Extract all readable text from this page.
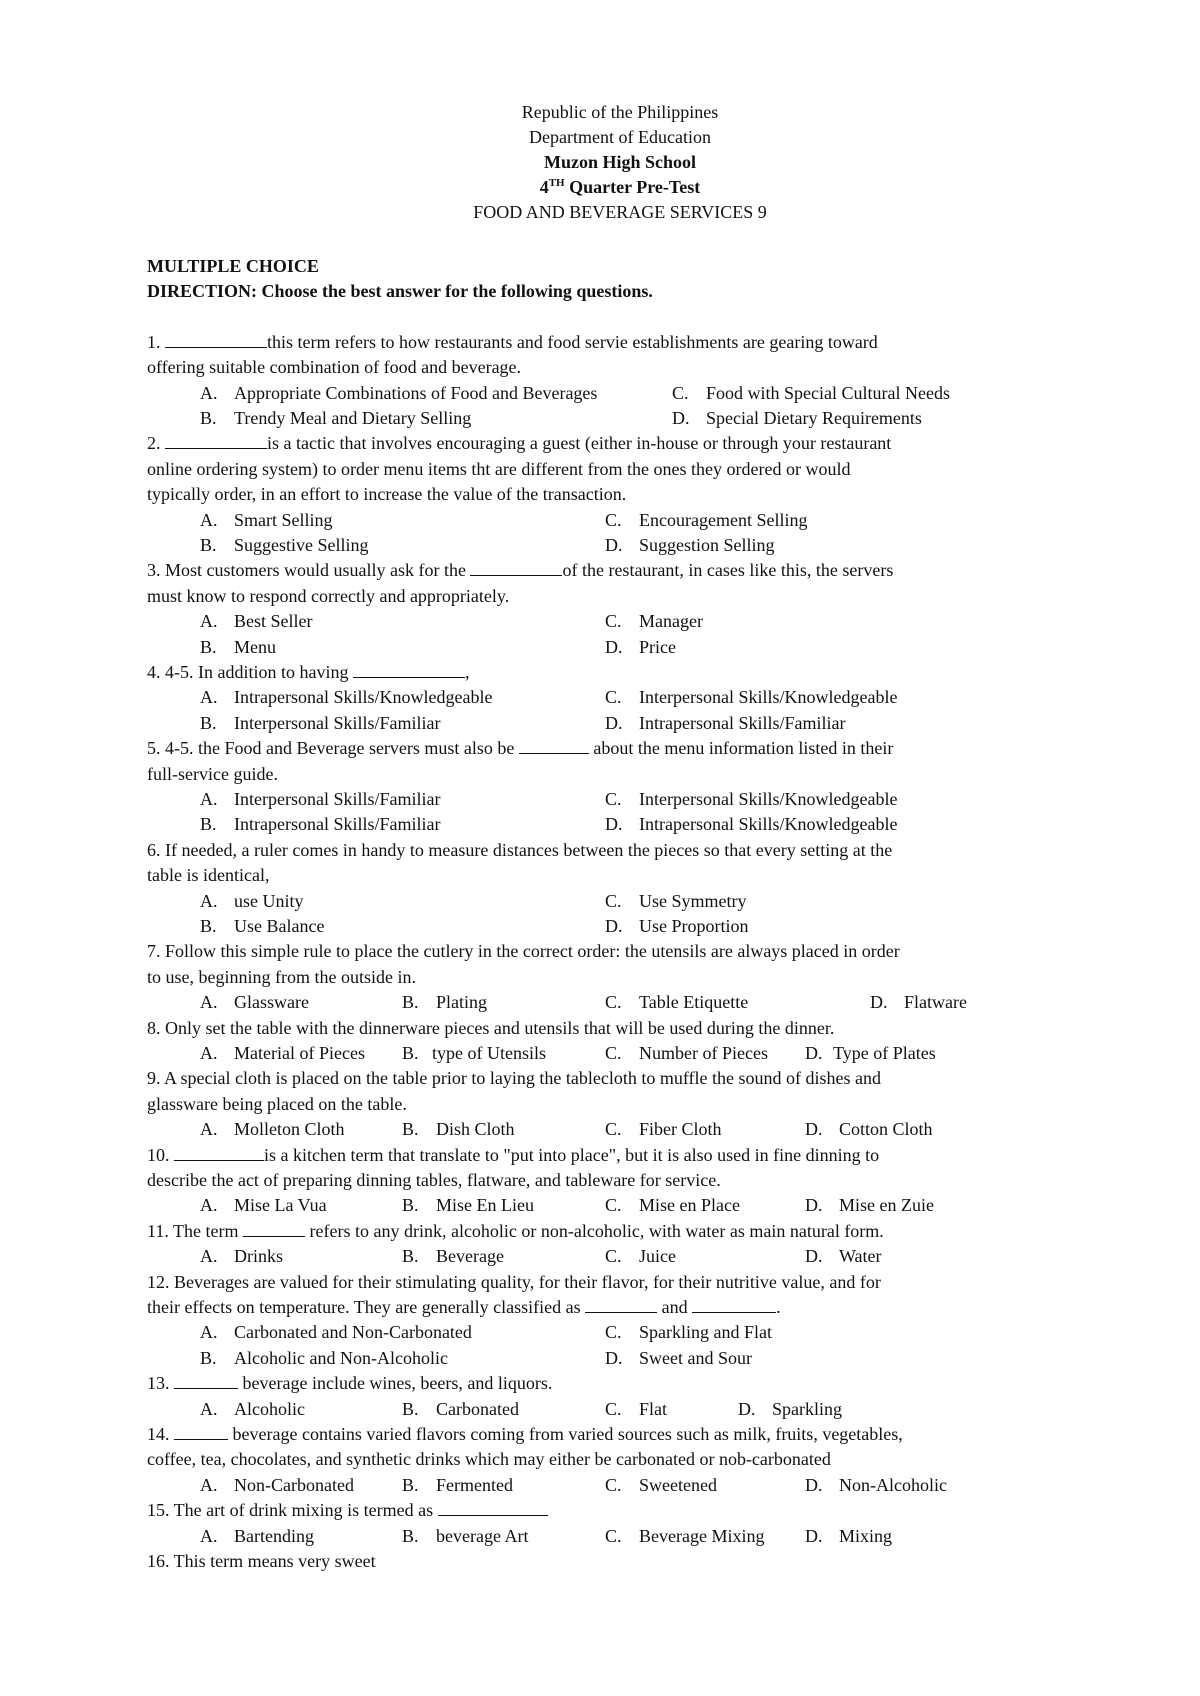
Republic of the Philippines
Department of Education
Muzon High School
4TH Quarter Pre-Test
FOOD AND BEVERAGE SERVICES 9
MULTIPLE CHOICE
DIRECTION: Choose the best answer for the following questions.
1.	this term refers to how restaurants and food servie establishments are gearing toward
offering suitable combination of food and beverage.
A. Appropriate Combinations of Food and Beverages	C. Food with Special Cultural Needs
B. Trendy Meal and Dietary Selling	D. Special Dietary Requirements
2.	is a tactic that involves encouraging a guest (either in-house or through your restaurant
online ordering system) to order menu items tht are different from the ones they ordered or would
typically order, in an effort to increase the value of the transaction.
A. Smart Selling	C. Encouragement Selling
B. Suggestive Selling	D. Suggestion Selling
3. Most customers would usually ask for the	of the restaurant, in cases like this, the servers
must know to respond correctly and appropriately.
A. Best Seller	C. Manager
B. Menu	D. Price
4. 4-5. In addition to having	,
A. Intrapersonal Skills/Knowledgeable	C. Interpersonal Skills/Knowledgeable
B. Interpersonal Skills/Familiar	D. Intrapersonal Skills/Familiar
5. 4-5. the Food and Beverage servers must also be	about the menu information listed in their
full-service guide.
A. Interpersonal Skills/Familiar	C. Interpersonal Skills/Knowledgeable
B. Intrapersonal Skills/Familiar	D. Intrapersonal Skills/Knowledgeable
6. If needed, a ruler comes in handy to measure distances between the pieces so that every setting at the
table is identical,
A. use Unity	C. Use Symmetry
B. Use Balance	D. Use Proportion
7. Follow this simple rule to place the cutlery in the correct order: the utensils are always placed in order
to use, beginning from the outside in.
A. Glassware	B. Plating	C. Table Etiquette	D. Flatware
8. Only set the table with the dinnerware pieces and utensils that will be used during the dinner.
A. Material of Pieces B. type of Utensils	C. Number of Pieces D. Type of Plates
9. A special cloth is placed on the table prior to laying the tablecloth to muffle the sound of dishes and
glassware being placed on the table.
A. Molleton Cloth	B. Dish Cloth	C. Fiber Cloth	D. Cotton Cloth
10.	is a kitchen term that translate to "put into place", but it is also used in fine dinning to
describe the act of preparing dinning tables, flatware, and tableware for service.
A. Mise La Vua	B. Mise En Lieu	C. Mise en Place	D. Mise en Zuie
11. The term	refers to any drink, alcoholic or non-alcoholic, with water as main natural form.
A. Drinks	B. Beverage	C. Juice	D. Water
12. Beverages are valued for their stimulating quality, for their flavor, for their nutritive value, and for
their effects on temperature. They are generally classified as	and	.
A. Carbonated and Non-Carbonated	C. Sparkling and Flat
B. Alcoholic and Non-Alcoholic	D. Sweet and Sour
13.	beverage include wines, beers, and liquors.
A. Alcoholic	B. Carbonated	C. Flat	D. Sparkling
14.	beverage contains varied flavors coming from varied sources such as milk, fruits, vegetables,
coffee, tea, chocolates, and synthetic drinks which may either be carbonated or nob-carbonated
A. Non-Carbonated	B. Fermented	C. Sweetened	D. Non-Alcoholic
15. The art of drink mixing is termed as
A. Bartending	B. beverage Art	C. Beverage Mixing D. Mixing
16. This term means very sweet
